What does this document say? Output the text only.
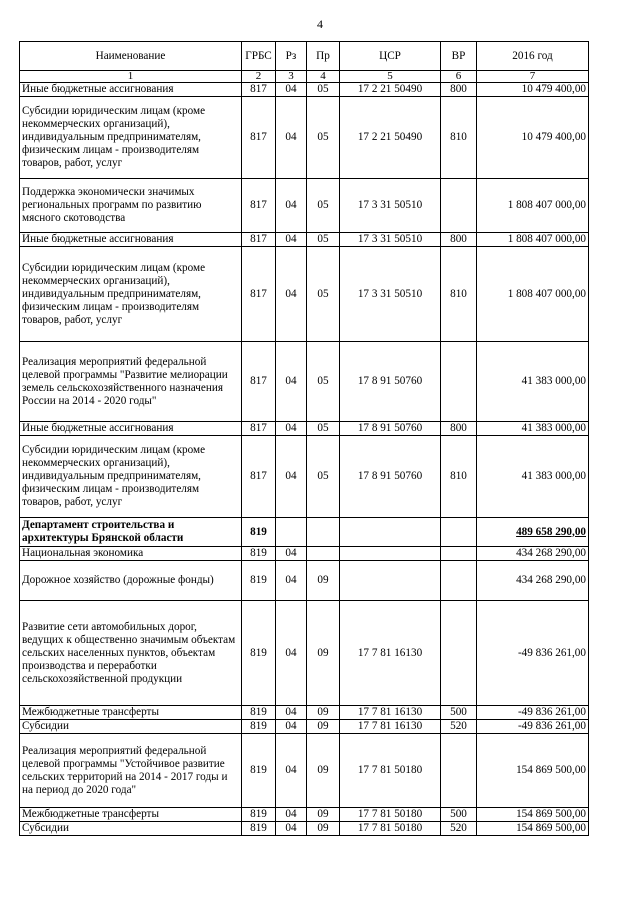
4
Наименование	ГРБС	Рз	Пр	ЦСР	ВР	2016 год
1	2	3	4	5	6	7
Иные бюджетные ассигнования	817	04	05	17 2 21 50490	800	10 479 400,00
Субсидии юридическим лицам (кроме некоммерческих организаций), индивидуальным предпринимателям, физическим лицам - производителям товаров, работ, услуг	817	04	05	17 2 21 50490	810	10 479 400,00
Поддержка экономически значимых региональных программ по развитию мясного скотоводства	817	04	05	17 3 31 50510		1 808 407 000,00
Иные бюджетные ассигнования	817	04	05	17 3 31 50510	800	1 808 407 000,00
Субсидии юридическим лицам (кроме некоммерческих организаций), индивидуальным предпринимателям, физическим лицам - производителям товаров, работ, услуг	817	04	05	17 3 31 50510	810	1 808 407 000,00
Реализация мероприятий федеральной целевой программы "Развитие мелиорации земель сельскохозяйственного назначения России на 2014 - 2020 годы"	817	04	05	17 8 91 50760		41 383 000,00
Иные бюджетные ассигнования	817	04	05	17 8 91 50760	800	41 383 000,00
Субсидии юридическим лицам (кроме некоммерческих организаций), индивидуальным предпринимателям, физическим лицам - производителям товаров, работ, услуг	817	04	05	17 8 91 50760	810	41 383 000,00
Департамент строительства и архитектуры Брянской области	819					489 658 290,00
Национальная экономика	819	04				434 268 290,00
Дорожное хозяйство (дорожные фонды)	819	04	09			434 268 290,00
Развитие сети автомобильных дорог, ведущих к общественно значимым объектам сельских населенных пунктов, объектам производства и переработки сельскохозяйственной продукции	819	04	09	17 7 81 16130		-49 836 261,00
Межбюджетные трансферты	819	04	09	17 7 81 16130	500	-49 836 261,00
Субсидии	819	04	09	17 7 81 16130	520	-49 836 261,00
Реализация мероприятий федеральной целевой программы "Устойчивое развитие сельских территорий на 2014 - 2017 годы и на период до 2020 года"	819	04	09	17 7 81 50180		154 869 500,00
Межбюджетные трансферты	819	04	09	17 7 81 50180	500	154 869 500,00
Субсидии	819	04	09	17 7 81 50180	520	154 869 500,00
